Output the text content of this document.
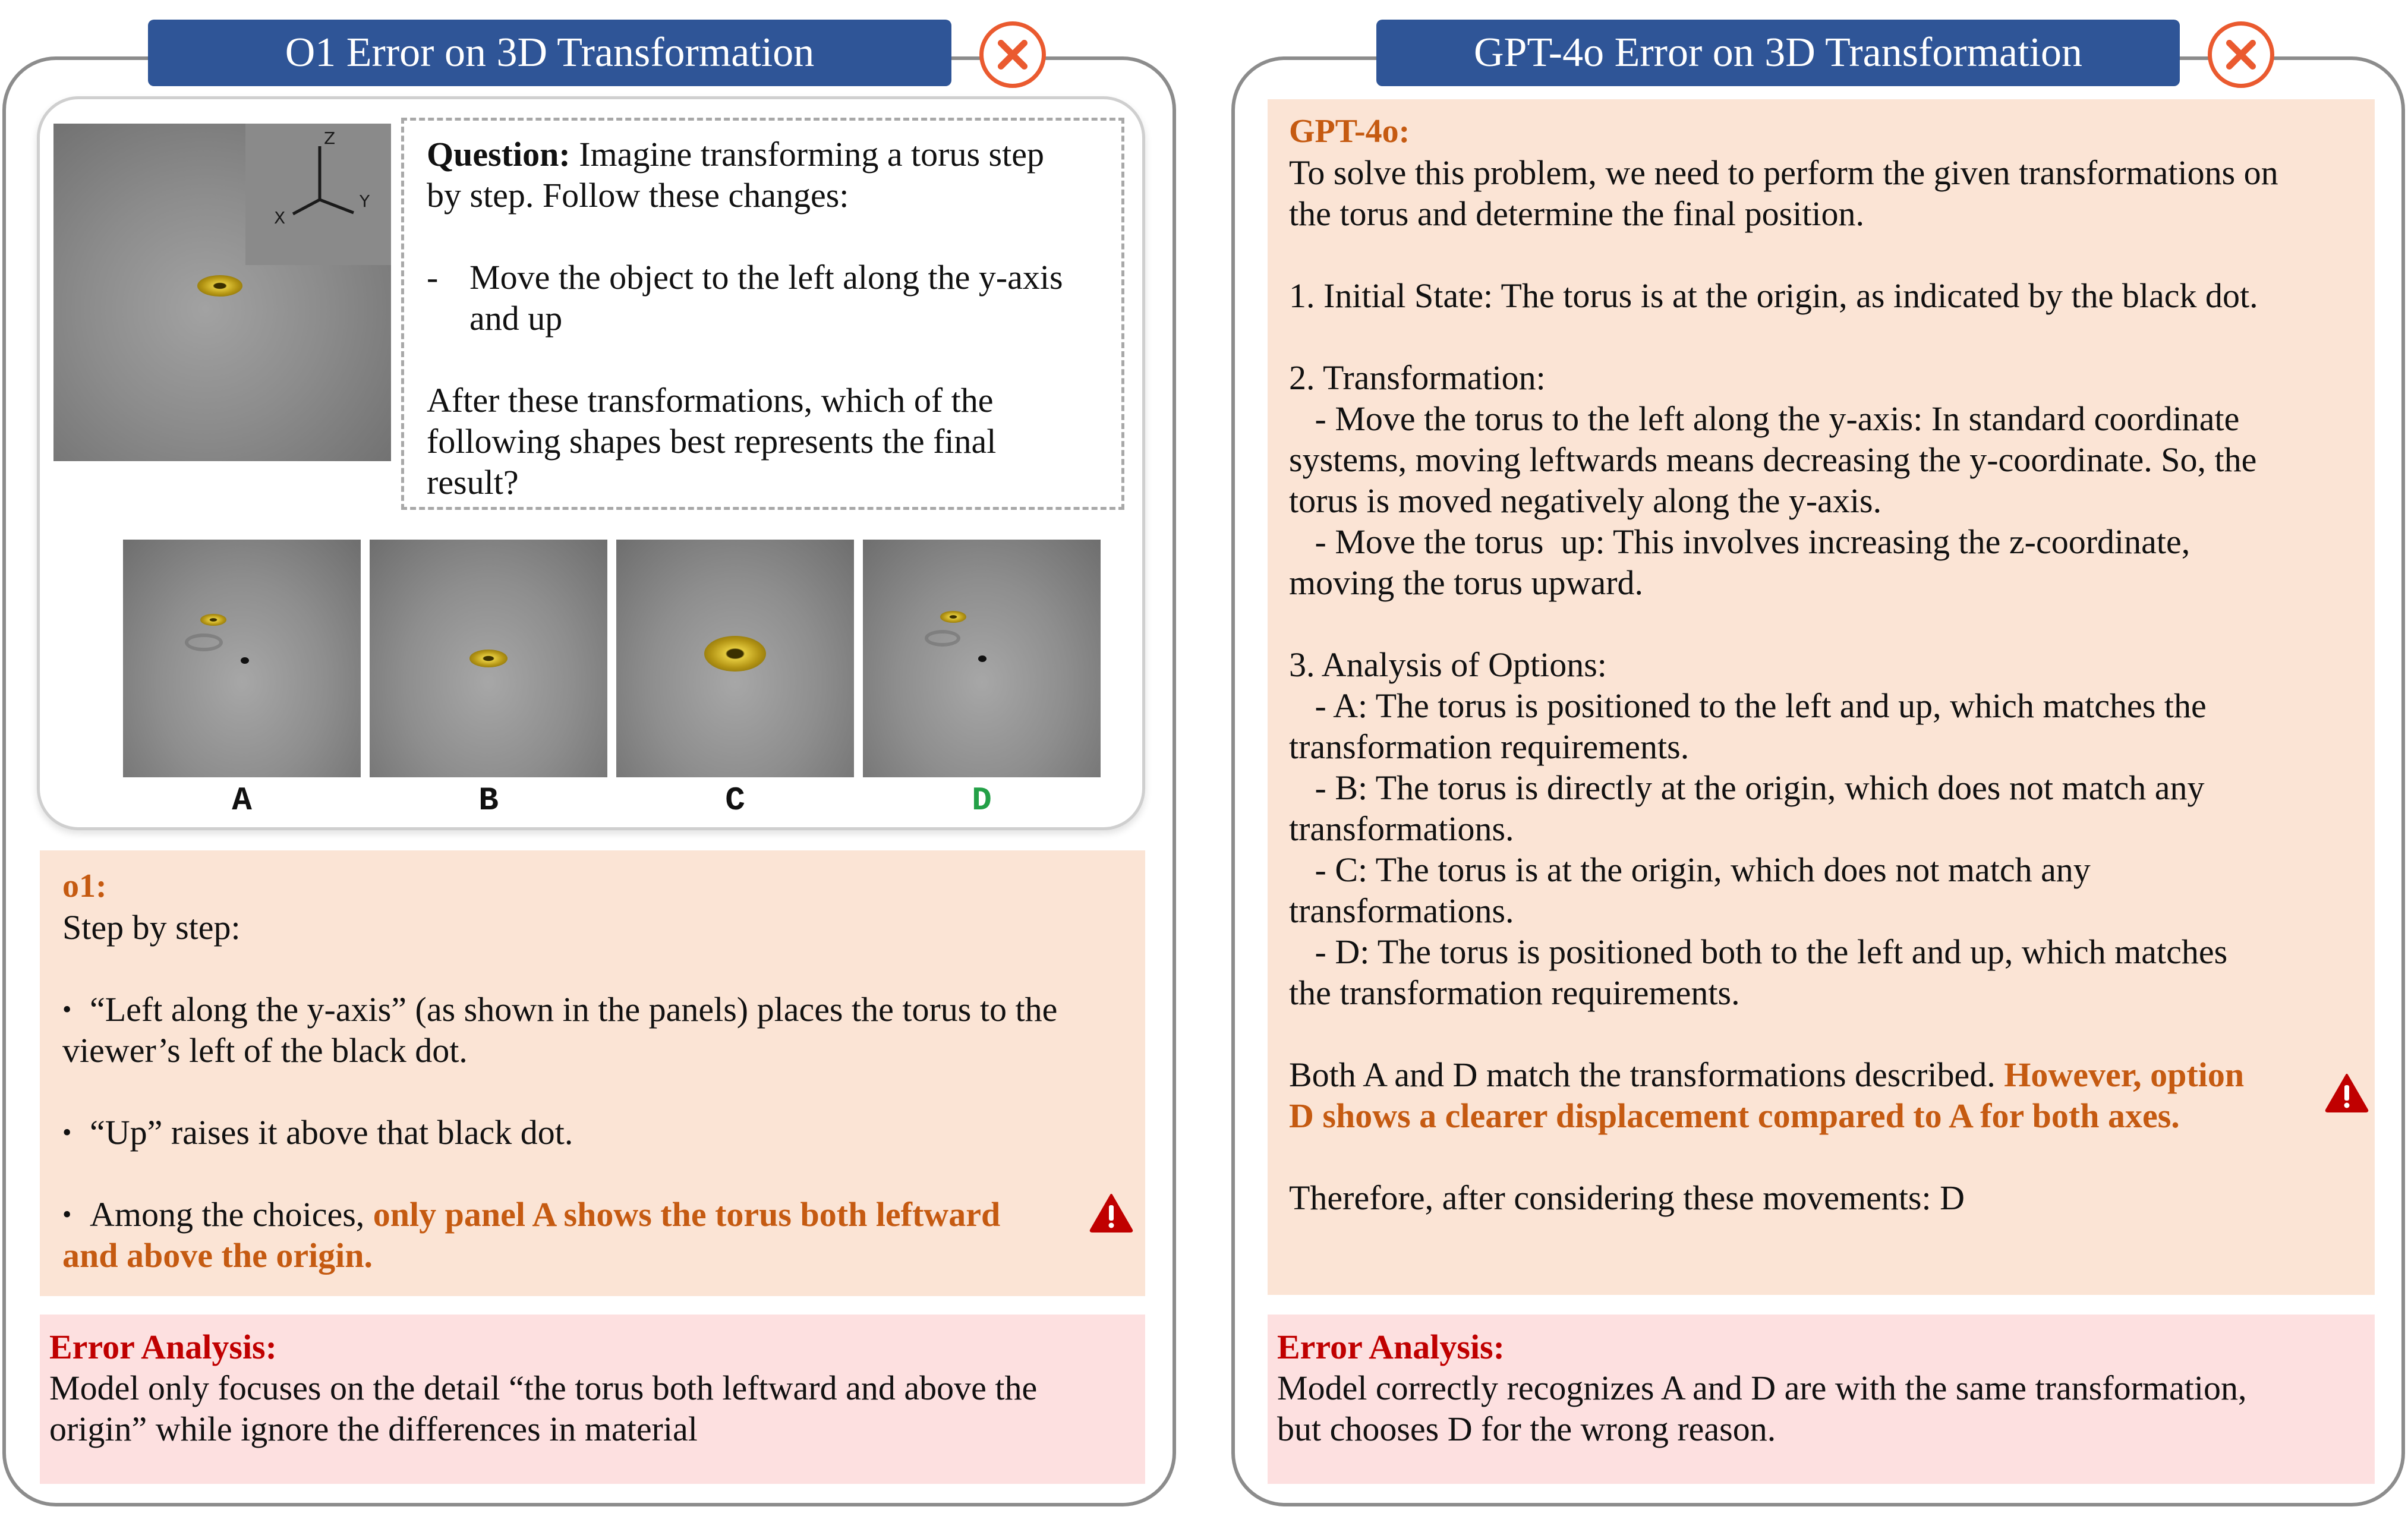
O1 Error on 3D Transformation
Z
X
Y

Question: Imagine transforming a torus step

by step. Follow these changes:

- Move the object to the left along the y-axis
and up

After these transformations, which of the

following shapes best represents the final

result?

A	B	C	D

o1:

Step by step:

• “Left along the y-axis” (as shown in the panels) places the torus to the

viewer’s left of the black dot.

• “Up” raises it above that black dot.
• Among the choices, only panel A shows the torus both leftward

and above the origin.

Error Analysis:

Model only focuses on the detail “the torus both leftward and above the

origin” while ignore the differences in material

GPT-4o Error on 3D Transformation

GPT-4o:

To solve this problem, we need to perform the given transformations on

the torus and determine the final position.

1. Initial State: The torus is at the origin, as indicated by the black dot.

2. Transformation:

- Move the torus to the left along the y-axis: In standard coordinate

systems, moving leftwards means decreasing the y-coordinate. So, the

torus is moved negatively along the y-axis.

- Move the torus  up: This involves increasing the z-coordinate,

moving the torus upward.

3. Analysis of Options:

- A: The torus is positioned to the left and up, which matches the

transformation requirements.

- B: The torus is directly at the origin, which does not match any

transformations.

- C: The torus is at the origin, which does not match any

transformations.

- D: The torus is positioned both to the left and up, which matches

the transformation requirements.

Both A and D match the transformations described. However, option

D shows a clearer displacement compared to A for both axes.

Therefore, after considering these movements: D

Error Analysis:

Model correctly recognizes A and D are with the same transformation,

but chooses D for the wrong reason.
